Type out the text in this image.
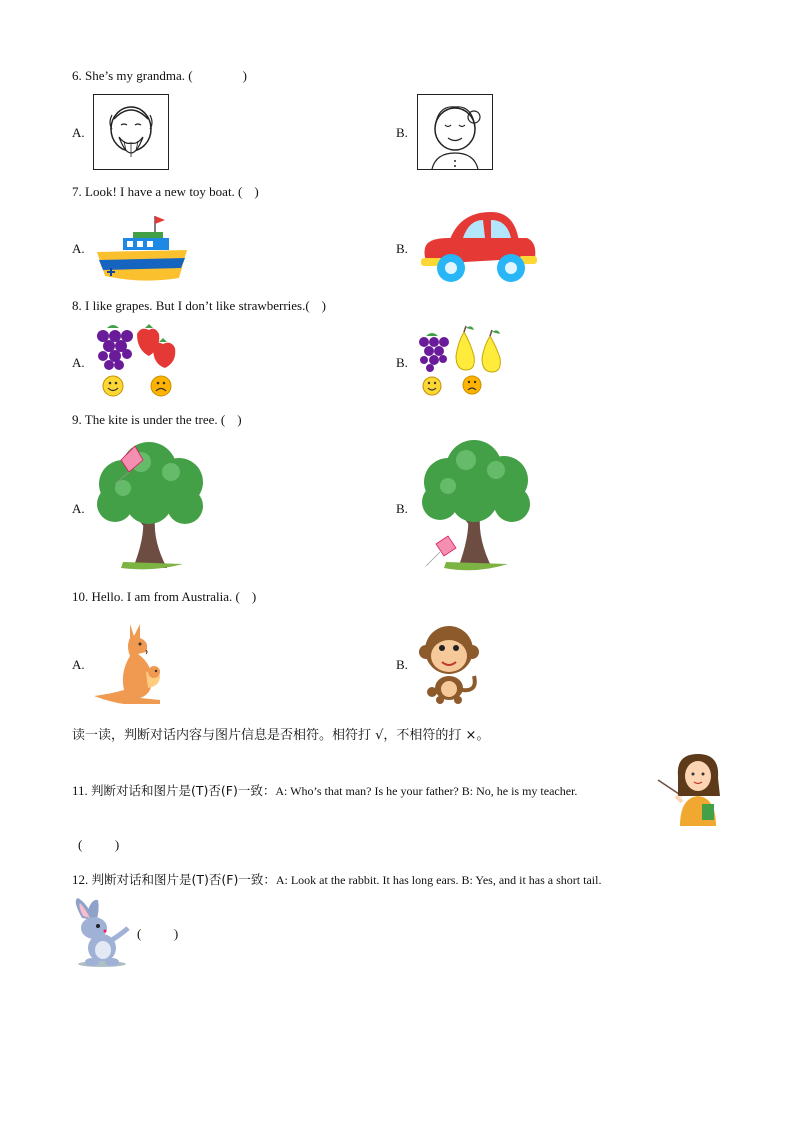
6. She’s my grandma. (	)
A.	B.
7. Look! I have a new toy boat. ( )
A.	B.
8. I like grapes. But I don’t like strawberries.( )
A.	B.
9. The kite is under the tree. ( )
A.	B.
10. Hello. I am from Australia. ( )
A.	B.
读一读，判断对话内容与图片信息是否相符。相符打 √，不相符的打 ×。
11. 判断对话和图片是(T)否(F)一致：A: Who’s that man? Is he your father? B: No, he is my teacher.
(          )
12. 判断对话和图片是(T)否(F)一致：A: Look at the rabbit. It has long ears. B: Yes, and it has a short tail.
(          )
